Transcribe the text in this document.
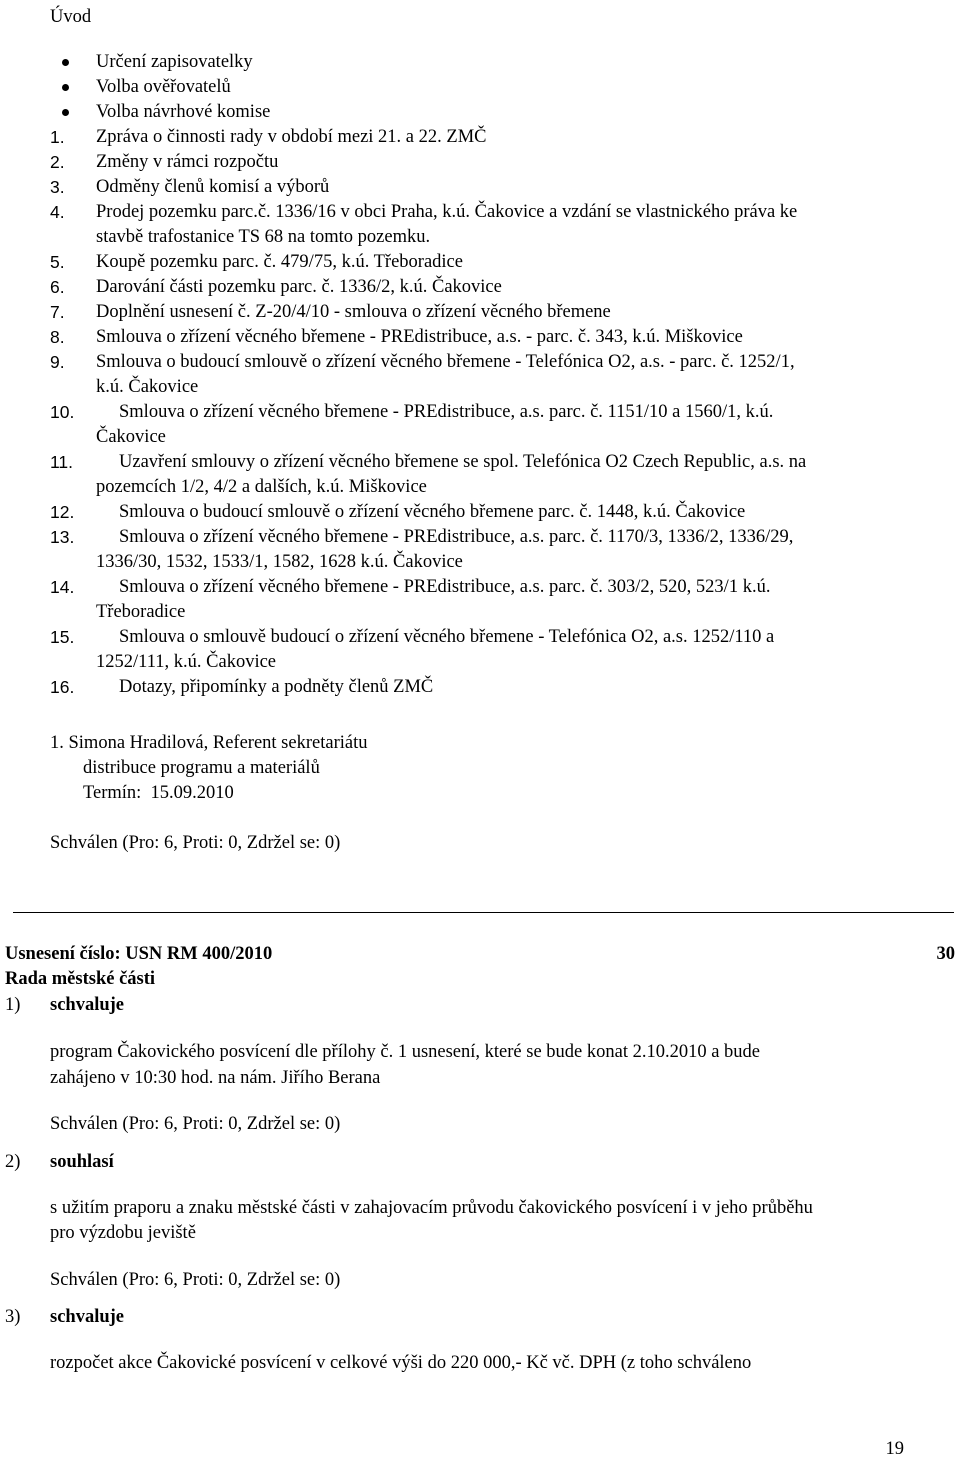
Úvod
Určení zapisovatelky
Volba ověřovatelů
Volba návrhové komise
1. Zpráva o činnosti rady v období mezi 21. a 22. ZMČ
2. Změny v rámci rozpočtu
3. Odměny členů komisí a výborů
4. Prodej pozemku parc.č. 1336/16 v obci Praha, k.ú. Čakovice a vzdání se vlastnického práva ke
stavbě trafostanice TS 68 na tomto pozemku.
5. Koupě pozemku parc. č. 479/75, k.ú. Třeboradice
6. Darování části pozemku parc. č. 1336/2, k.ú. Čakovice
7. Doplnění usnesení č. Z-20/4/10 - smlouva o zřízení věcného břemene
8. Smlouva o zřízení věcného břemene - PREdistribuce, a.s. - parc. č. 343, k.ú. Miškovice
9. Smlouva o budoucí smlouvě o zřízení věcného břemene - Telefónica O2, a.s. - parc. č. 1252/1,
k.ú. Čakovice
10. Smlouva o zřízení věcného břemene - PREdistribuce, a.s. parc. č. 1151/10 a 1560/1, k.ú.
Čakovice
11. Uzavření smlouvy o zřízení věcného břemene se spol. Telefónica O2 Czech Republic, a.s. na
pozemcích 1/2, 4/2 a dalších, k.ú. Miškovice
12. Smlouva o budoucí smlouvě o zřízení věcného břemene parc. č. 1448, k.ú. Čakovice
13. Smlouva o zřízení věcného břemene - PREdistribuce, a.s. parc. č. 1170/3, 1336/2, 1336/29,
1336/30, 1532, 1533/1, 1582, 1628 k.ú. Čakovice
14. Smlouva o zřízení věcného břemene - PREdistribuce, a.s. parc. č. 303/2, 520, 523/1 k.ú.
Třeboradice
15. Smlouva o smlouvě budoucí o zřízení věcného břemene - Telefónica O2, a.s. 1252/110 a
1252/111, k.ú. Čakovice
16. Dotazy, připomínky a podněty členů ZMČ
1. Simona Hradilová, Referent sekretariátu
distribuce programu a materiálů
Termín:  15.09.2010
Schválen (Pro: 6, Proti: 0, Zdržel se: 0)
Usnesení číslo: USN RM 400/2010	30
Rada městské části
1) schvaluje
program Čakovického posvícení dle přílohy č. 1 usnesení, které se bude konat 2.10.2010 a bude
zahájeno v 10:30 hod. na nám. Jiřího Berana
Schválen (Pro: 6, Proti: 0, Zdržel se: 0)
2) souhlasí
s užitím praporu a znaku městské části v zahajovacím průvodu čakovického posvícení i v jeho průběhu
pro výzdobu jeviště
Schválen (Pro: 6, Proti: 0, Zdržel se: 0)
3) schvaluje
rozpočet akce Čakovické posvícení v celkové výši do 220 000,- Kč vč. DPH (z toho schváleno
19
